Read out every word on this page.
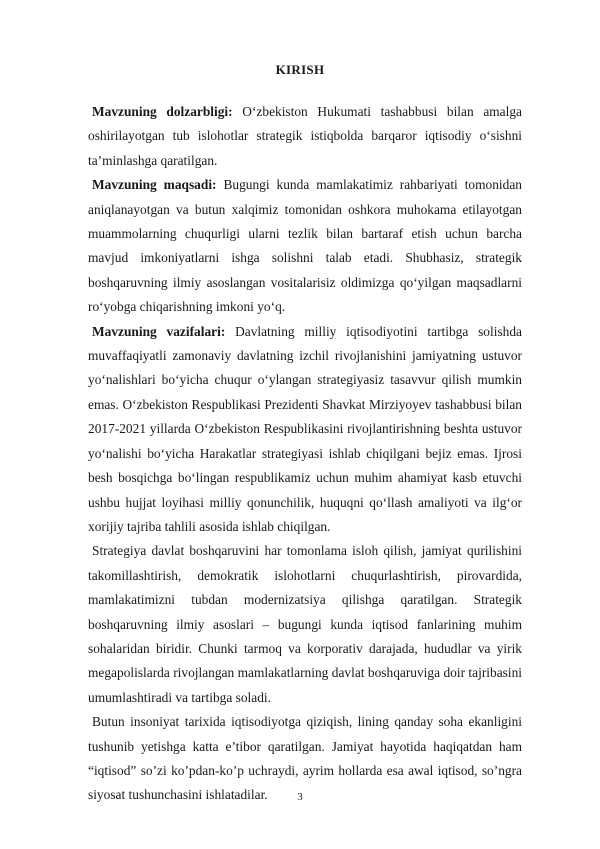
KIRISH

Mavzuning dolzarbligi: O‘zbekiston Hukumati tashabbusi bilan amalga oshirilayotgan tub islohotlar strategik istiqbolda barqaror iqtisodiy o‘sishni ta’minlashga qaratilgan.

Mavzuning maqsadi: Bugungi kunda mamlakatimiz rahbariyati tomonidan aniqlanayotgan va butun xalqimiz tomonidan oshkora muhokama etilayotgan muammolarning chuqurligi ularni tezlik bilan bartaraf etish uchun barcha mavjud imkoniyatlarni ishga solishni talab etadi. Shubhasiz, strategik boshqaruvning ilmiy asoslangan vositalarisiz oldimizga qo‘yilgan maqsadlarni ro‘yobga chiqarishning imkoni yo‘q.

Mavzuning vazifalari: Davlatning milliy iqtisodiyotini tartibga solishda muvaffaqiyatli zamonaviy davlatning izchil rivojlanishini jamiyatning ustuvor yo‘nalishlari bo‘yicha chuqur o‘ylangan strategiyasiz tasavvur qilish mumkin emas. O‘zbekiston Respublikasi Prezidenti Shavkat Mirziyoyev tashabbusi bilan 2017-2021 yillarda O‘zbekiston Respublikasini rivojlantirishning beshta ustuvor yo‘nalishi bo‘yicha Harakatlar strategiyasi ishlab chiqilgani bejiz emas. Ijrosi besh bosqichga bo‘lingan respublikamiz uchun muhim ahamiyat kasb etuvchi ushbu hujjat loyihasi milliy qonunchilik, huquqni qo‘llash amaliyoti va ilg‘or xorijiy tajriba tahlili asosida ishlab chiqilgan.

Strategiya davlat boshqaruvini har tomonlama isloh qilish, jamiyat qurilishini takomillashtirish, demokratik islohotlarni chuqurlashtirish, pirovardida, mamlakatimizni tubdan modernizatsiya qilishga qaratilgan. Strategik boshqaruvning ilmiy asoslari – bugungi kunda iqtisod fanlarining muhim sohalaridan biridir. Chunki tarmoq va korporativ darajada, hududlar va yirik megapolislarda rivojlangan mamlakatlarning davlat boshqaruviga doir tajribasini umumlashtiradi va tartibga soladi.

Butun insoniyat tarixida iqtisodiyotga qiziqish, lining qanday soha ekanligini tushunib yetishga katta e’tibor qaratilgan. Jamiyat hayotida haqiqatdan ham “iqtisod” so’zi ko’pdan-ko’p uchraydi, ayrim hollarda esa awal iqtisod, so’ngra siyosat tushunchasini ishlatadilar.	3
